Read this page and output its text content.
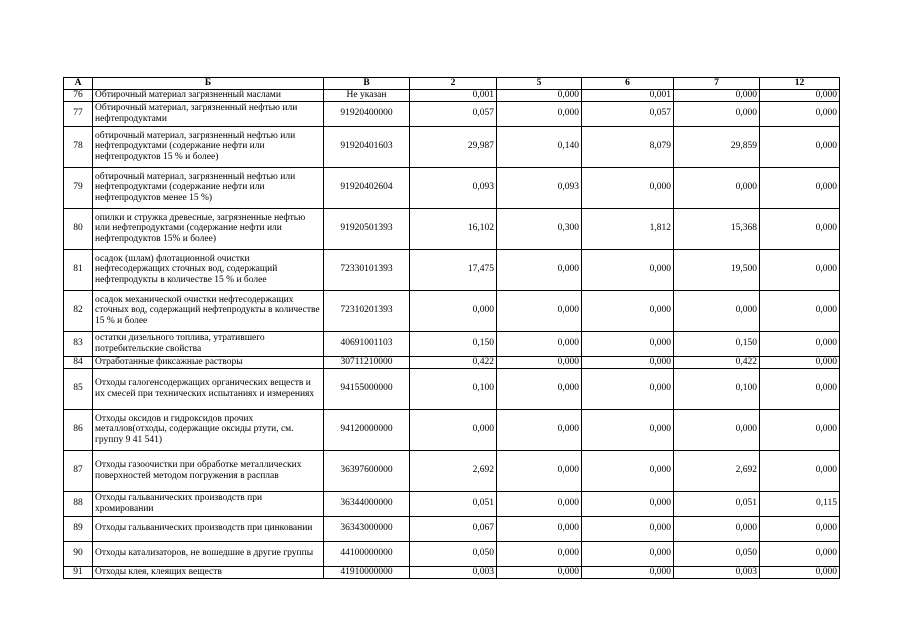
А	Б	В	2	5	6	7	12
76	Обтирочный материал загрязненный маслами	Не указан	0,001	0,000	0,001	0,000	0,000
77	Обтирочный материал, загрязненный нефтью или нефтепродуктами	91920400000	0,057	0,000	0,057	0,000	0,000
78	обтирочный материал, загрязненный нефтью или нефтепродуктами (содержание нефти или нефтепродуктов 15 % и более)	91920401603	29,987	0,140	8,079	29,859	0,000
79	обтирочный материал, загрязненный нефтью или нефтепродуктами (содержание нефти или нефтепродуктов менее 15 %)	91920402604	0,093	0,093	0,000	0,000	0,000
80	опилки и стружка древесные, загрязненные нефтью или нефтепродуктами (содержание нефти или нефтепродуктов 15% и более)	91920501393	16,102	0,300	1,812	15,368	0,000
81	осадок (шлам) флотационной очистки нефтесодержащих сточных вод, содержащий нефтепродукты в количестве 15 % и более	72330101393	17,475	0,000	0,000	19,500	0,000
82	осадок механической очистки нефтесодержащих сточных вод, содержащий нефтепродукты в количестве 15 % и более	72310201393	0,000	0,000	0,000	0,000	0,000
83	остатки дизельного топлива, утратившего потребительские свойства	40691001103	0,150	0,000	0,000	0,150	0,000
84	Отработанные фиксажные растворы	30711210000	0,422	0,000	0,000	0,422	0,000
85	Отходы галогенсодержащих органических веществ и их смесей при технических испытаниях и измерениях	94155000000	0,100	0,000	0,000	0,100	0,000
86	Отходы оксидов и гидроксидов прочих металлов(отходы, содержащие оксиды ртути, см. группу 9 41 541)	94120000000	0,000	0,000	0,000	0,000	0,000
87	Отходы газоочистки при обработке металлических поверхностей методом погружения в расплав	36397600000	2,692	0,000	0,000	2,692	0,000
88	Отходы гальванических производств при хромировании	36344000000	0,051	0,000	0,000	0,051	0,115
89	Отходы гальванических производств при цинковании	36343000000	0,067	0,000	0,000	0,000	0,000
90	Отходы катализаторов, не вошедшие в другие группы	44100000000	0,050	0,000	0,000	0,050	0,000
91	Отходы клея, клеящих веществ	41910000000	0,003	0,000	0,000	0,003	0,000
